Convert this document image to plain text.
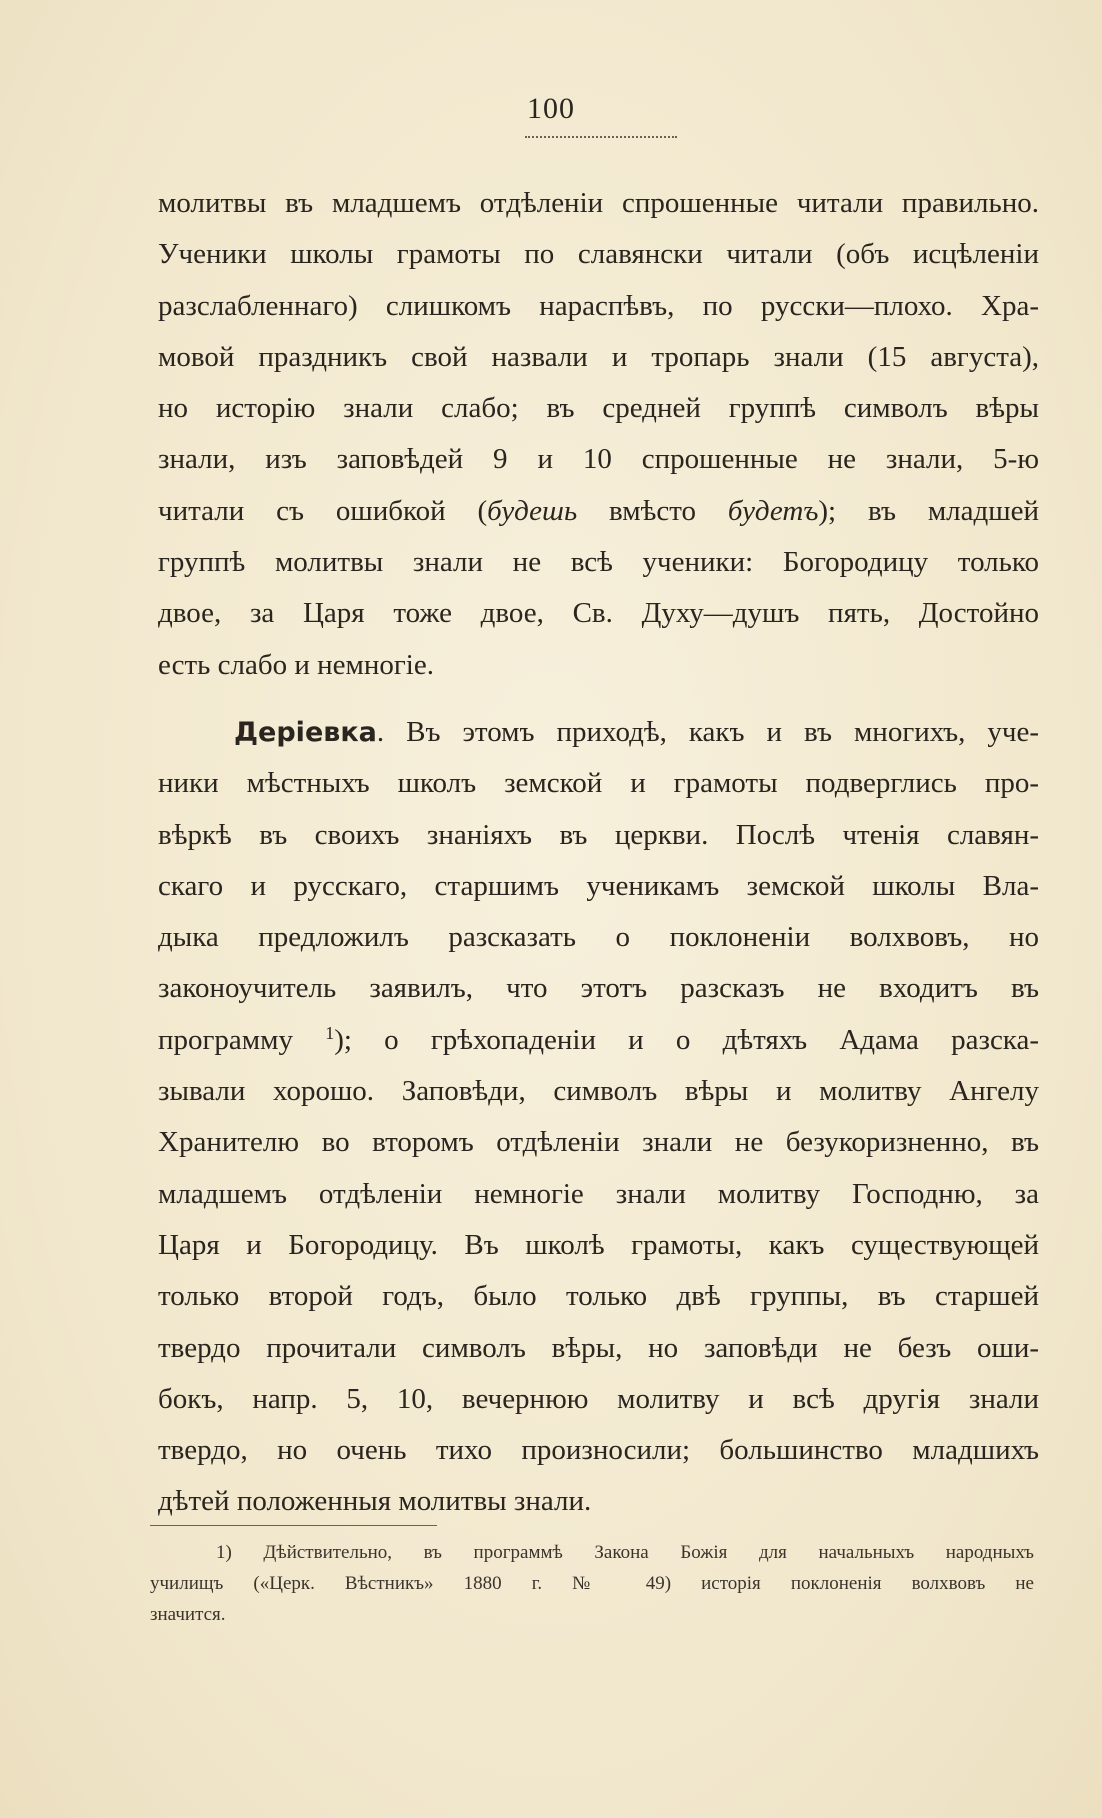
100
молитвы въ младшемъ отдѣленіи спрошенные читали правильно.
Ученики школы грамоты по славянски читали (объ исцѣленіи
разслабленнаго) слишкомъ нараспѣвъ, по русски—плохо. Хра-
мовой праздникъ свой назвали и тропарь знали (15 августа),
но исторію знали слабо; въ средней группѣ символъ вѣры
знали, изъ заповѣдей 9 и 10 спрошенные не знали, 5-ю
читали съ ошибкой (будешь вмѣсто будетъ); въ младшей
группѣ молитвы знали не всѣ ученики: Богородицу только
двое, за Царя тоже двое, Св. Духу—душъ пять, Достойно
есть слабо и немногіе.
Деріевка. Въ этомъ приходѣ, какъ и въ многихъ, уче-
ники мѣстныхъ школъ земской и грамоты подверглись про-
вѣркѣ въ своихъ знаніяхъ въ церкви. Послѣ чтенія славян-
скаго и русскаго, старшимъ ученикамъ земской школы Вла-
дыка предложилъ разсказать о поклоненіи волхвовъ, но
законоучитель заявилъ, что этотъ разсказъ не входитъ въ
программу $^1$); о грѣхопаденіи и о дѣтяхъ Адама разска-
зывали хорошо. Заповѣди, символъ вѣры и молитву Ангелу
Хранителю во второмъ отдѣленіи знали не безукоризненно, въ
младшемъ отдѣленіи немногіе знали молитву Господню, за
Царя и Богородицу. Въ школѣ грамоты, какъ существующей
только второй годъ, было только двѣ группы, въ старшей
твердо прочитали символъ вѣры, но заповѣди не безъ оши-
бокъ, напр. 5, 10, вечернюю молитву и всѣ другія знали
твердо, но очень тихо произносили; большинство младшихъ
дѣтей положенныя молитвы знали.
1) Дѣйствительно, въ программѣ Закона Божія для начальныхъ народныхъ
училищъ («Церк. Вѣстникъ» 1880 г. № 49) исторія поклоненія волхвовъ не
значится.
